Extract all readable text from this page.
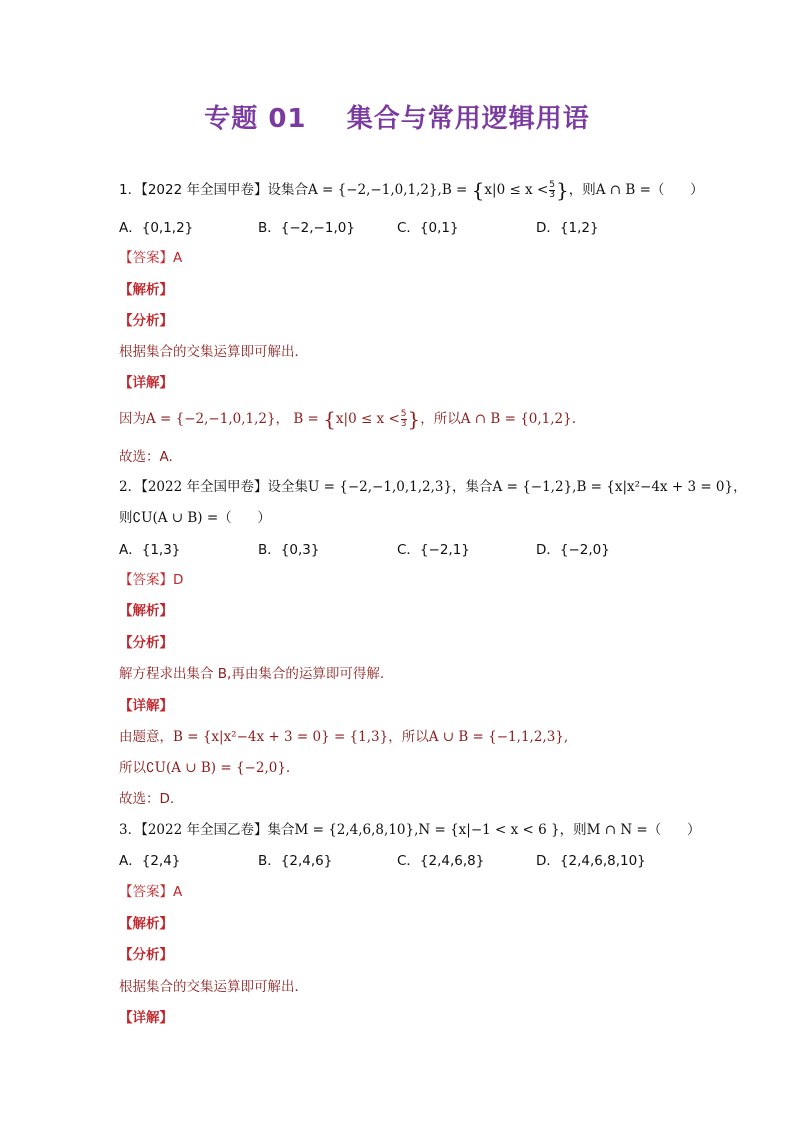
专题 01    集合与常用逻辑用语
1．【2022 年全国甲卷】设集合$A = \{-2,-1,0,1,2\},B = \{x|0 \le x < \frac{5}{3}$ }，则A ∩ B =（      ）
A．{0,1,2}	B．{−2,−1,0}	C．{0,1}	D．{1,2}
【答案】A
【解析】
【分析】
根据集合的交集运算即可解出．
【详解】
因为A = {−2,−1,0,1,2}， $B = \{x|0 \le x < \frac{5}{3}$ }，所以A ∩ B = {0,1,2}.
故选：A.
2．【2022 年全国甲卷】设全集U = {−2,−1,0,1,2,3}，集合A = {−1,2},B = {x|x²−4x + 3 = 0}，
则∁U(A ∪ B) =（      ）
A．{1,3}	B．{0,3}	C．{−2,1}	D．{−2,0}
【答案】D
【解析】
【分析】
解方程求出集合 B,再由集合的运算即可得解.
【详解】
由题意，B = {x|x²−4x + 3 = 0} = {1,3}，所以A ∪ B = {−1,1,2,3},
所以∁U(A ∪ B) = {−2,0}.
故选：D.
3．【2022 年全国乙卷】集合M = {2,4,6,8,10},N = {x|−1 < x < 6 }，则M ∩ N =（      ）
A．{2,4}	B．{2,4,6}	C．{2,4,6,8}	D．{2,4,6,8,10}
【答案】A
【解析】
【分析】
根据集合的交集运算即可解出．
【详解】
